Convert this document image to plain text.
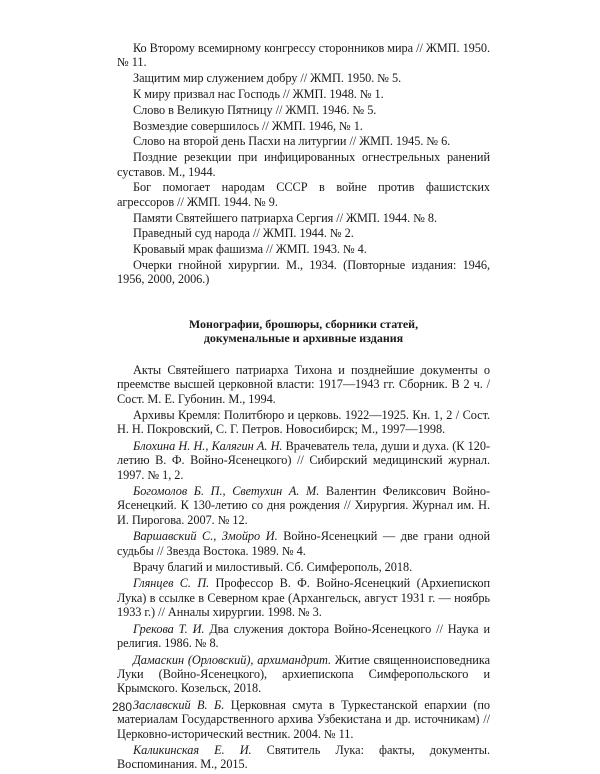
Ко Второму всемирному конгрессу сторонников мира // ЖМП. 1950. № 11.
Защитим мир служением добру // ЖМП. 1950. № 5.
К миру призвал нас Господь // ЖМП. 1948. № 1.
Слово в Великую Пятницу // ЖМП. 1946. № 5.
Возмездие совершилось // ЖМП. 1946, № 1.
Слово на второй день Пасхи на литургии // ЖМП. 1945. № 6.
Поздние резекции при инфицированных огнестрельных ранений суставов. М., 1944.
Бог помогает народам СССР в войне против фашистских агрессоров // ЖМП. 1944. № 9.
Памяти Святейшего патриарха Сергия // ЖМП. 1944. № 8.
Праведный суд народа // ЖМП. 1944. № 2.
Кровавый мрак фашизма // ЖМП. 1943. № 4.
Очерки гнойной хирургии. М., 1934. (Повторные издания: 1946, 1956, 2000, 2006.)
Монографии, брошюры, сборники статей,
докуменальные и архивные издания
Акты Святейшего патриарха Тихона и позднейшие документы о преемстве высшей церковной власти: 1917—1943 гг. Сборник. В 2 ч. / Сост. М. Е. Губонин. М., 1994.
Архивы Кремля: Политбюро и церковь. 1922—1925. Кн. 1, 2 / Сост. Н. Н. Покровский, С. Г. Петров. Новосибирск; М., 1997—1998.
Блохина Н. Н., Калягин А. Н. Врачеватель тела, души и духа. (К 120-летию В. Ф. Войно-Ясенецкого) // Сибирский медицинский журнал. 1997. № 1, 2.
Богомолов Б. П., Светухин А. М. Валентин Феликсович Войно-Ясенецкий. К 130-летию со дня рождения // Хирургия. Журнал им. Н. И. Пирогова. 2007. № 12.
Варшавский С., Змойро И. Войно-Ясенецкий — две грани одной судьбы // Звезда Востока. 1989. № 4.
Врачу благий и милостивый. Сб. Симферополь, 2018.
Глянцев С. П. Профессор В. Ф. Войно-Ясенецкий (Архиепископ Лука) в ссылке в Северном крае (Архангельск, август 1931 г. — ноябрь 1933 г.) // Анналы хирургии. 1998. № 3.
Грекова Т. И. Два служения доктора Войно-Ясенецкого // Наука и религия. 1986. № 8.
Дамаскин (Орловский), архимандрит. Житие священноисповедника Луки (Войно-Ясенецкого), архиепископа Симферопольского и Крымского. Козельск, 2018.
Заславский В. Б. Церковная смута в Туркестанской епархии (по материалам Государственного архива Узбекистана и др. источникам) // Церковно-исторический вестник. 2004. № 11.
Каликинская Е. И. Святитель Лука: факты, документы. Воспоминания. М., 2015.
280
